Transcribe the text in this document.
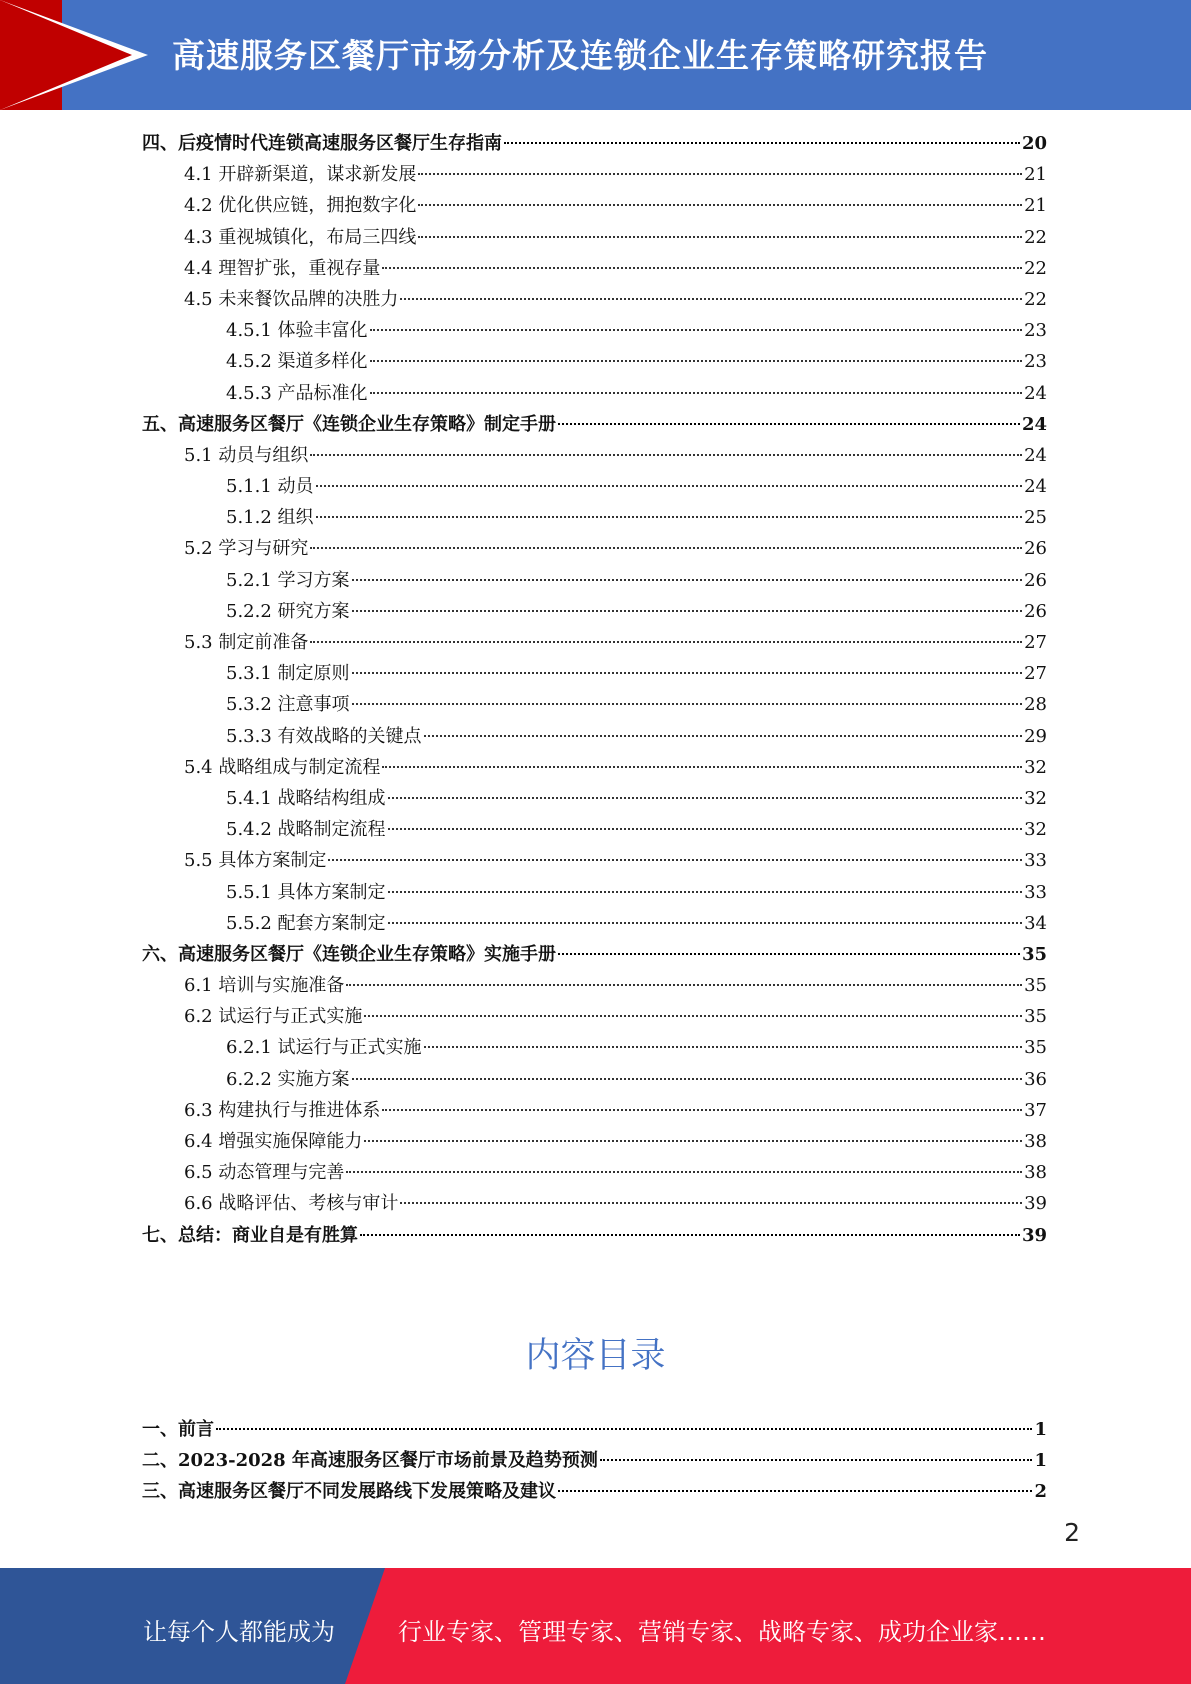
高速服务区餐厅市场分析及连锁企业生存策略研究报告
四、后疫情时代连锁高速服务区餐厅生存指南	20
4.1 开辟新渠道，谋求新发展	21
4.2 优化供应链，拥抱数字化	21
4.3 重视城镇化，布局三四线	22
4.4 理智扩张，重视存量	22
4.5 未来餐饮品牌的决胜力	22
4.5.1 体验丰富化	23
4.5.2 渠道多样化	23
4.5.3 产品标准化	24
五、高速服务区餐厅《连锁企业生存策略》制定手册	24
5.1 动员与组织	24
5.1.1 动员	24
5.1.2 组织	25
5.2 学习与研究	26
5.2.1 学习方案	26
5.2.2 研究方案	26
5.3 制定前准备	27
5.3.1 制定原则	27
5.3.2 注意事项	28
5.3.3 有效战略的关键点	29
5.4 战略组成与制定流程	32
5.4.1 战略结构组成	32
5.4.2 战略制定流程	32
5.5 具体方案制定	33
5.5.1 具体方案制定	33
5.5.2 配套方案制定	34
六、高速服务区餐厅《连锁企业生存策略》实施手册	35
6.1 培训与实施准备	35
6.2 试运行与正式实施	35
6.2.1 试运行与正式实施	35
6.2.2 实施方案	36
6.3 构建执行与推进体系	37
6.4 增强实施保障能力	38
6.5 动态管理与完善	38
6.6 战略评估、考核与审计	39
七、总结：商业自是有胜算	39
内容目录
一、前言	1
二、2023-2028 年高速服务区餐厅市场前景及趋势预测	1
三、高速服务区餐厅不同发展路线下发展策略及建议	2
2
让每个人都能成为	行业专家、管理专家、营销专家、战略专家、成功企业家……
